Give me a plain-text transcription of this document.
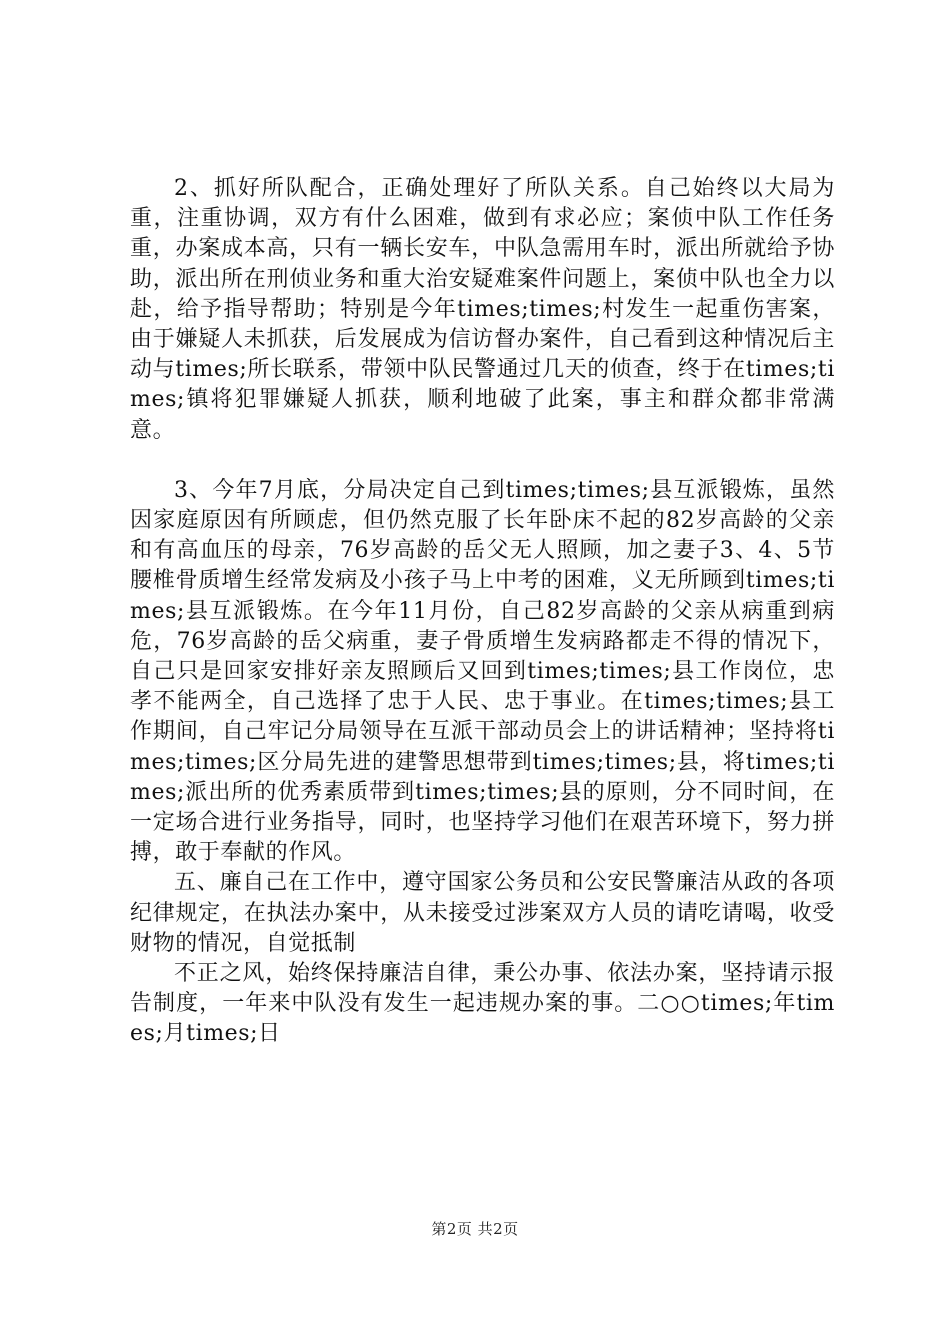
2、抓好所队配合，正确处理好了所队关系。自己始终以大局为重，注重协调，双方有什么困难，做到有求必应；案侦中队工作任务重，办案成本高，只有一辆长安车，中队急需用车时，派出所就给予协助，派出所在刑侦业务和重大治安疑难案件问题上，案侦中队也全力以赴，给予指导帮助；特别是今年times;times;村发生一起重伤害案，由于嫌疑人未抓获，后发展成为信访督办案件，自己看到这种情况后主动与times;所长联系，带领中队民警通过几天的侦查，终于在times;times;镇将犯罪嫌疑人抓获，顺利地破了此案，事主和群众都非常满意。

3、今年7月底，分局决定自己到times;times;县互派锻炼，虽然因家庭原因有所顾虑，但仍然克服了长年卧床不起的82岁高龄的父亲和有高血压的母亲，76岁高龄的岳父无人照顾，加之妻子3、4、5节腰椎骨质增生经常发病及小孩子马上中考的困难，义无所顾到times;times;县互派锻炼。在今年11月份，自己82岁高龄的父亲从病重到病危，76岁高龄的岳父病重，妻子骨质增生发病路都走不得的情况下，自己只是回家安排好亲友照顾后又回到times;times;县工作岗位，忠孝不能两全，自己选择了忠于人民、忠于事业。在times;times;县工作期间，自己牢记分局领导在互派干部动员会上的讲话精神；坚持将times;times;区分局先进的建警思想带到times;times;县，将times;times;派出所的优秀素质带到times;times;县的原则，分不同时间，在一定场合进行业务指导，同时，也坚持学习他们在艰苦环境下，努力拼搏，敢于奉献的作风。

五、廉自己在工作中，遵守国家公务员和公安民警廉洁从政的各项纪律规定，在执法办案中，从未接受过涉案双方人员的请吃请喝，收受财物的情况，自觉抵制

不正之风，始终保持廉洁自律，秉公办事、依法办案，坚持请示报告制度，一年来中队没有发生一起违规办案的事。二○○times;年times;月times;日

第2页 共2页
